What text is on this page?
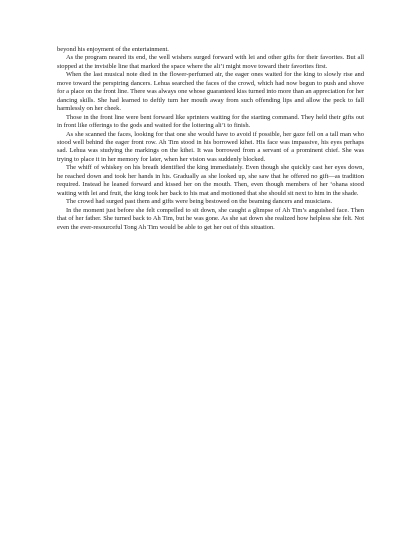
beyond his enjoyment of the entertainment.

As the program neared its end, the well wishers surged forward with lei and other gifts for their favorites. But all stopped at the invisible line that marked the space where the ali’i might move toward their favorites first.

When the last musical note died in the flower-perfumed air, the eager ones waited for the king to slowly rise and move toward the perspiring dancers. Lehua searched the faces of the crowd, which had now begun to push and shove for a place on the front line. There was always one whose guaranteed kiss turned into more than an appreciation for her dancing skills. She had learned to deftly turn her mouth away from such offending lips and allow the peck to fall harmlessly on her cheek.

Those in the front line were bent forward like sprinters waiting for the starting command. They held their gifts out in front like offerings to the gods and waited for the loitering ali’i to finish.

As she scanned the faces, looking for that one she would have to avoid if possible, her gaze fell on a tall man who stood well behind the eager front row. Ah Tim stood in his borrowed kihei. His face was impassive, his eyes perhaps sad. Lehua was studying the markings on the kihei. It was borrowed from a servant of a prominent chief. She was trying to place it in her memory for later, when her vision was suddenly blocked.

The whiff of whiskey on his breath identified the king immediately. Even though she quickly cast her eyes down, he reached down and took her hands in his. Gradually as she looked up, she saw that he offered no gift—as tradition required. Instead he leaned forward and kissed her on the mouth. Then, even though members of her ‘ohana stood waiting with lei and fruit, the king took her back to his mat and motioned that she should sit next to him in the shade.

The crowd had surged past them and gifts were being bestowed on the beaming dancers and musicians.

In the moment just before she felt compelled to sit down, she caught a glimpse of Ah Tim’s anguished face. Then that of her father. She turned back to Ah Tim, but he was gone. As she sat down she realized how helpless she felt. Not even the ever-resourceful Tong Ah Tim would be able to get her out of this situation.
